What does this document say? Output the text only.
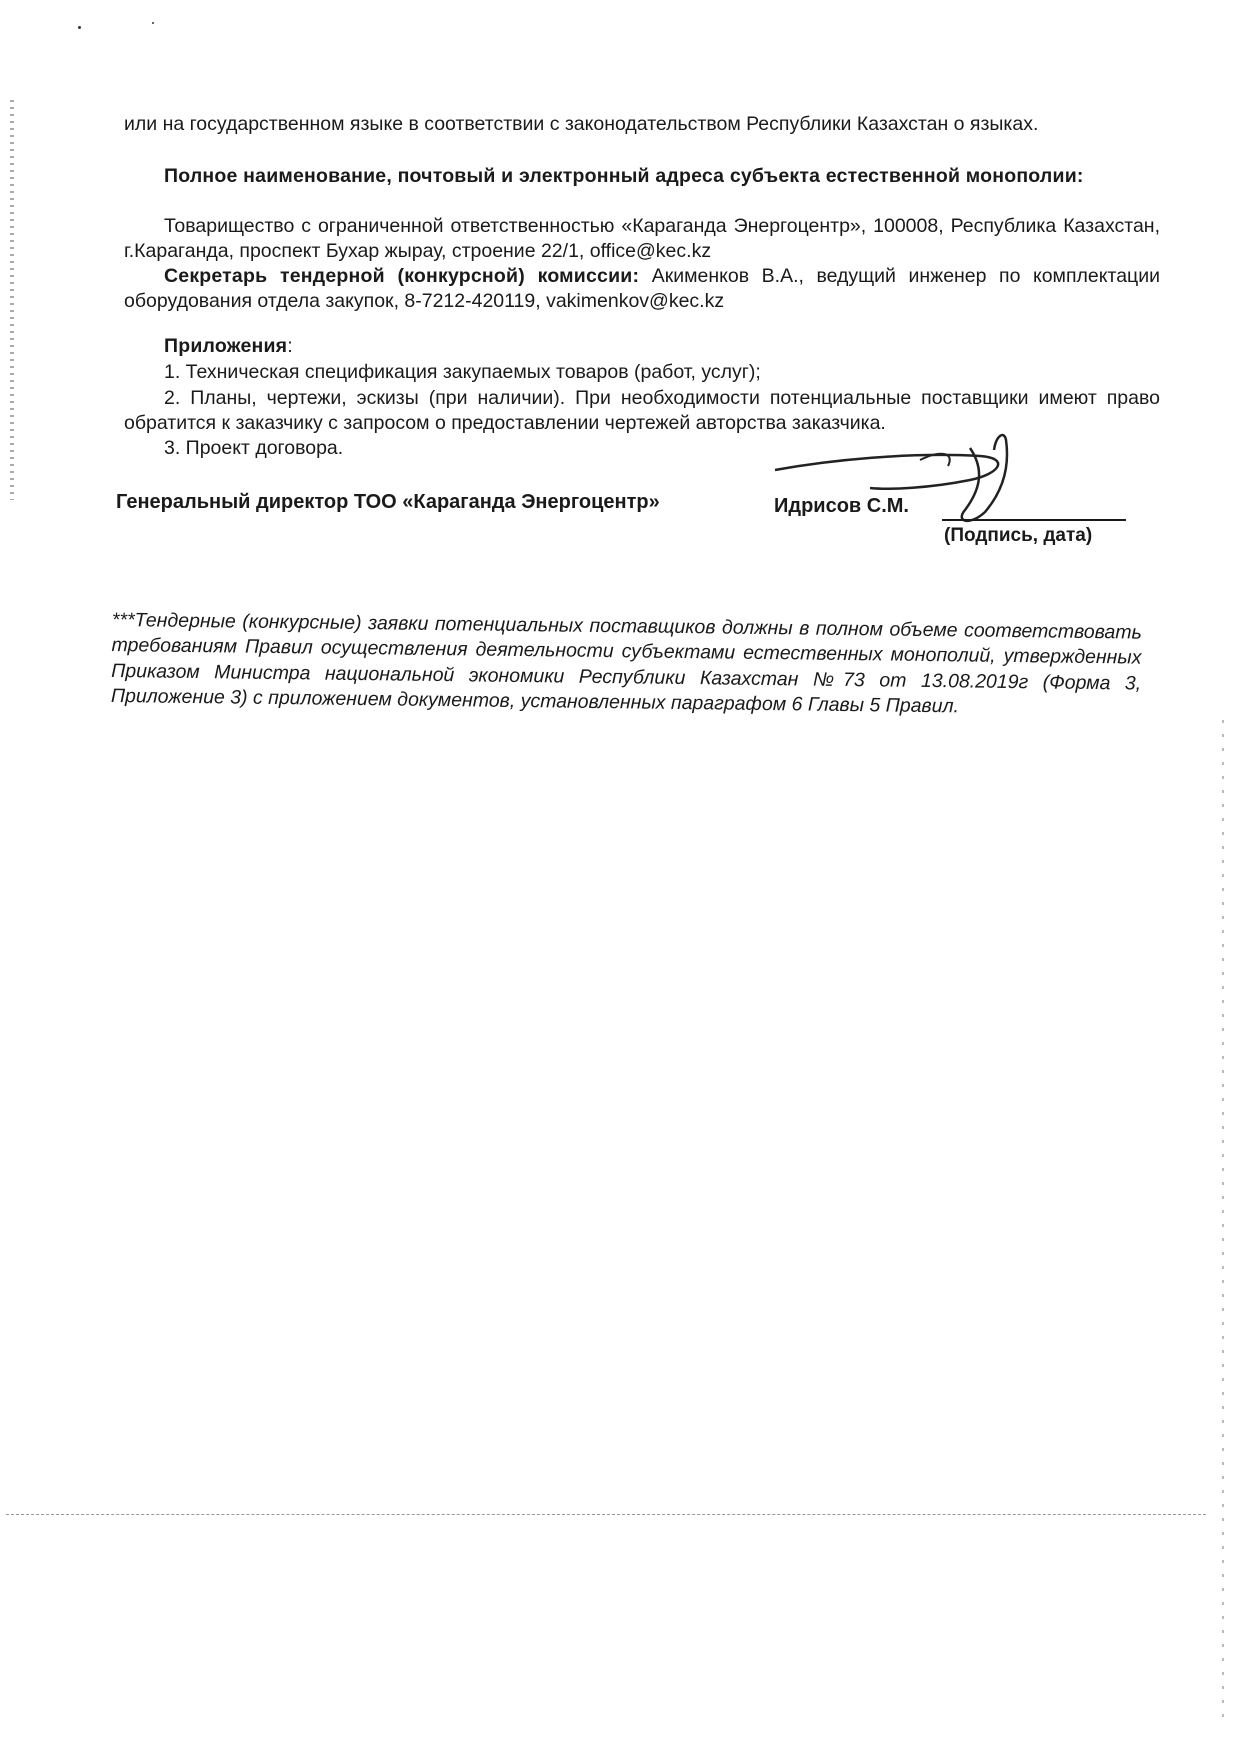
или на государственном языке в соответствии с законодательством Республики Казахстан о языках.
Полное наименование, почтовый и электронный адреса субъекта естественной монополии:
Товарищество с ограниченной ответственностью «Караганда Энергоцентр», 100008, Республика Казахстан, г.Караганда, проспект Бухар жырау, строение 22/1, office@kec.kz
Секретарь тендерной (конкурсной) комиссии: Акименков В.А., ведущий инженер по комплектации оборудования отдела закупок, 8-7212-420119, vakimenkov@kec.kz
Приложения:
1. Техническая спецификация закупаемых товаров (работ, услуг);
2. Планы, чертежи, эскизы (при наличии). При необходимости потенциальные поставщики имеют право обратится к заказчику с запросом о предоставлении чертежей авторства заказчика.
3. Проект договора.
Генеральный директор ТОО «Караганда Энергоцентр»	Идрисов С.М.
(Подпись, дата)
***Тендерные (конкурсные) заявки потенциальных поставщиков должны в полном объеме соответствовать требованиям Правил осуществления деятельности субъектами естественных монополий, утвержденных Приказом Министра национальной экономики Республики Казахстан №73 от 13.08.2019г (Форма 3, Приложение 3) с приложением документов, установленных параграфом 6 Главы 5 Правил.
